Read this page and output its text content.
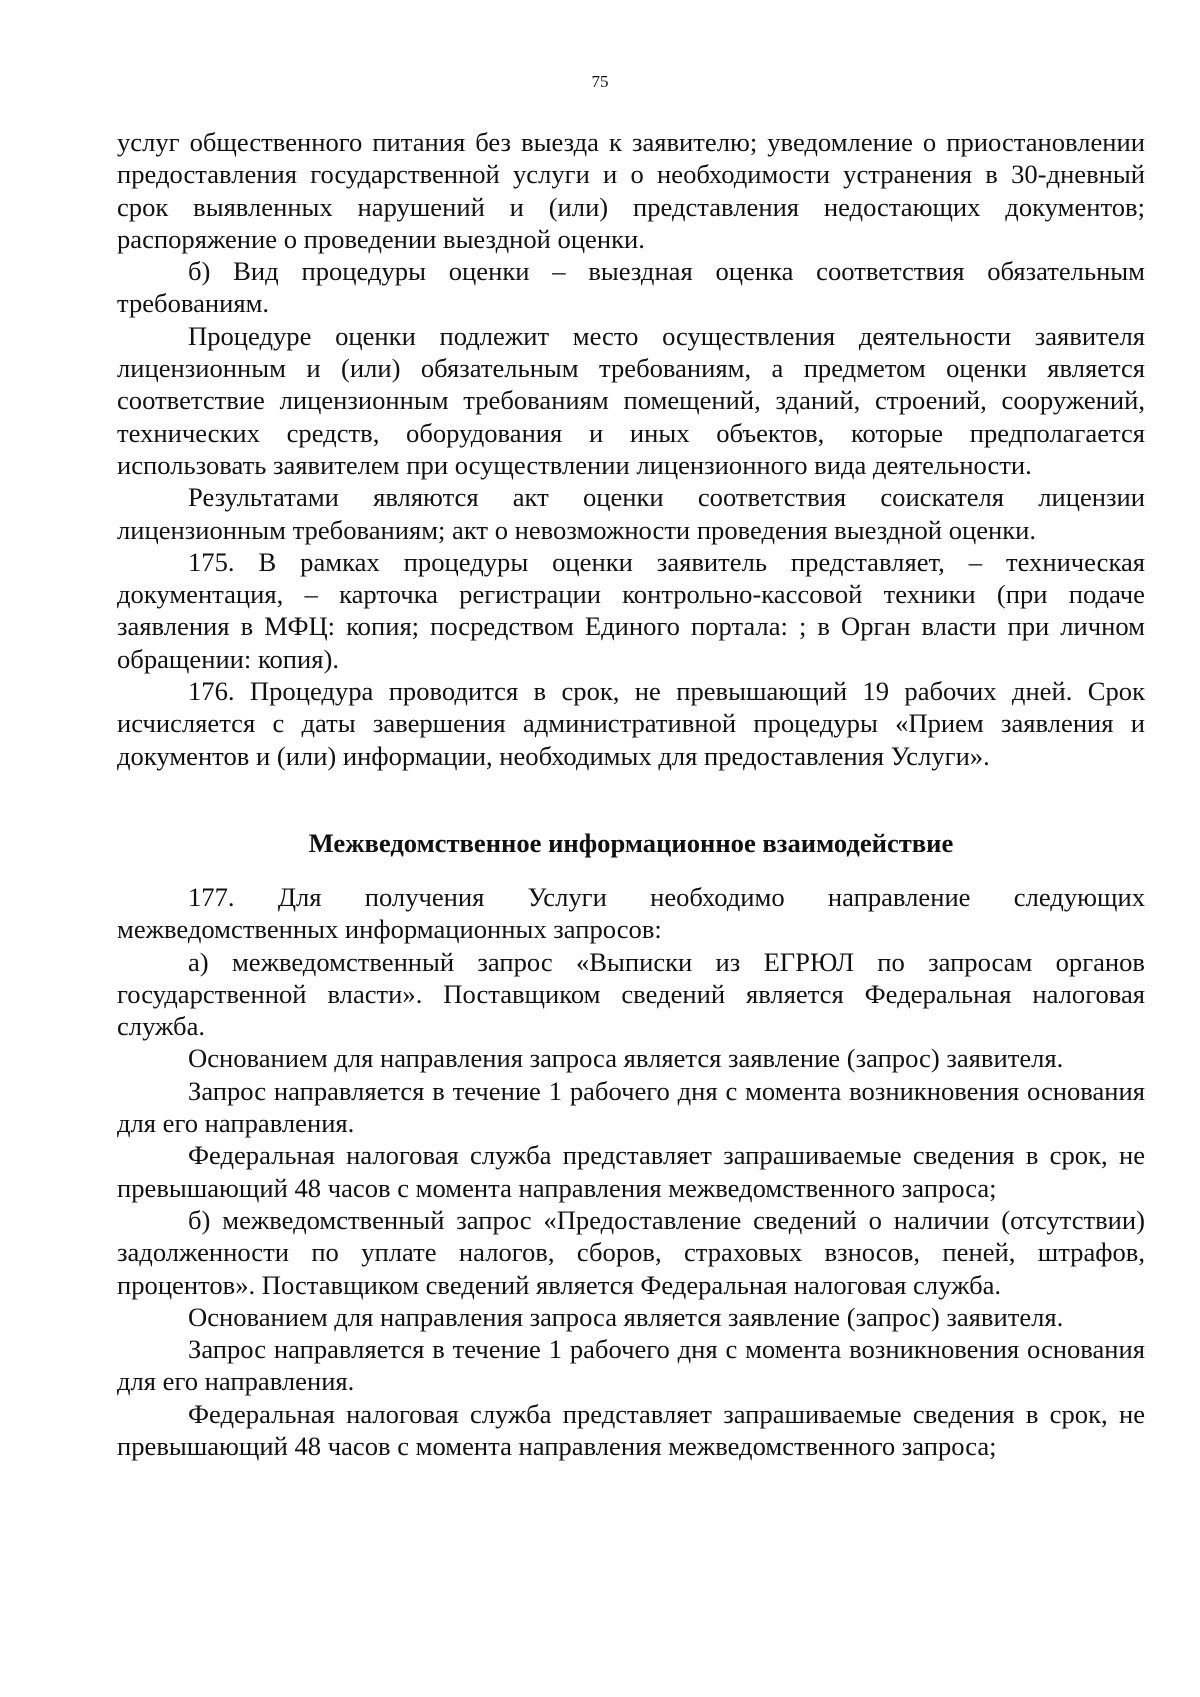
75

услуг общественного питания без выезда к заявителю; уведомление о приостановлении предоставления государственной услуги и о необходимости устранения в 30-дневный срок выявленных нарушений и (или) представления недостающих документов; распоряжение о проведении выездной оценки.

б) Вид процедуры оценки – выездная оценка соответствия обязательным требованиям.

Процедуре оценки подлежит место осуществления деятельности заявителя лицензионным и (или) обязательным требованиям, а предметом оценки является соответствие лицензионным требованиям помещений, зданий, строений, сооружений, технических средств, оборудования и иных объектов, которые предполагается использовать заявителем при осуществлении лицензионного вида деятельности.

Результатами являются акт оценки соответствия соискателя лицензии лицензионным требованиям; акт о невозможности проведения выездной оценки.

175. В рамках процедуры оценки заявитель представляет, – техническая документация, – карточка регистрации контрольно-кассовой техники (при подаче заявления в МФЦ: копия; посредством Единого портала: ; в Орган власти при личном обращении: копия).

176. Процедура проводится в срок, не превышающий 19 рабочих дней. Срок исчисляется с даты завершения административной процедуры «Прием заявления и документов и (или) информации, необходимых для предоставления Услуги».

Межведомственное информационное взаимодействие

177. Для получения Услуги необходимо направление следующих межведомственных информационных запросов:

а) межведомственный запрос «Выписки из ЕГРЮЛ по запросам органов государственной власти». Поставщиком сведений является Федеральная налоговая служба.

Основанием для направления запроса является заявление (запрос) заявителя.

Запрос направляется в течение 1 рабочего дня с момента возникновения основания для его направления.

Федеральная налоговая служба представляет запрашиваемые сведения в срок, не превышающий 48 часов с момента направления межведомственного запроса;

б) межведомственный запрос «Предоставление сведений о наличии (отсутствии) задолженности по уплате налогов, сборов, страховых взносов, пеней, штрафов, процентов». Поставщиком сведений является Федеральная налоговая служба.

Основанием для направления запроса является заявление (запрос) заявителя.

Запрос направляется в течение 1 рабочего дня с момента возникновения основания для его направления.

Федеральная налоговая служба представляет запрашиваемые сведения в срок, не превышающий 48 часов с момента направления межведомственного запроса;
